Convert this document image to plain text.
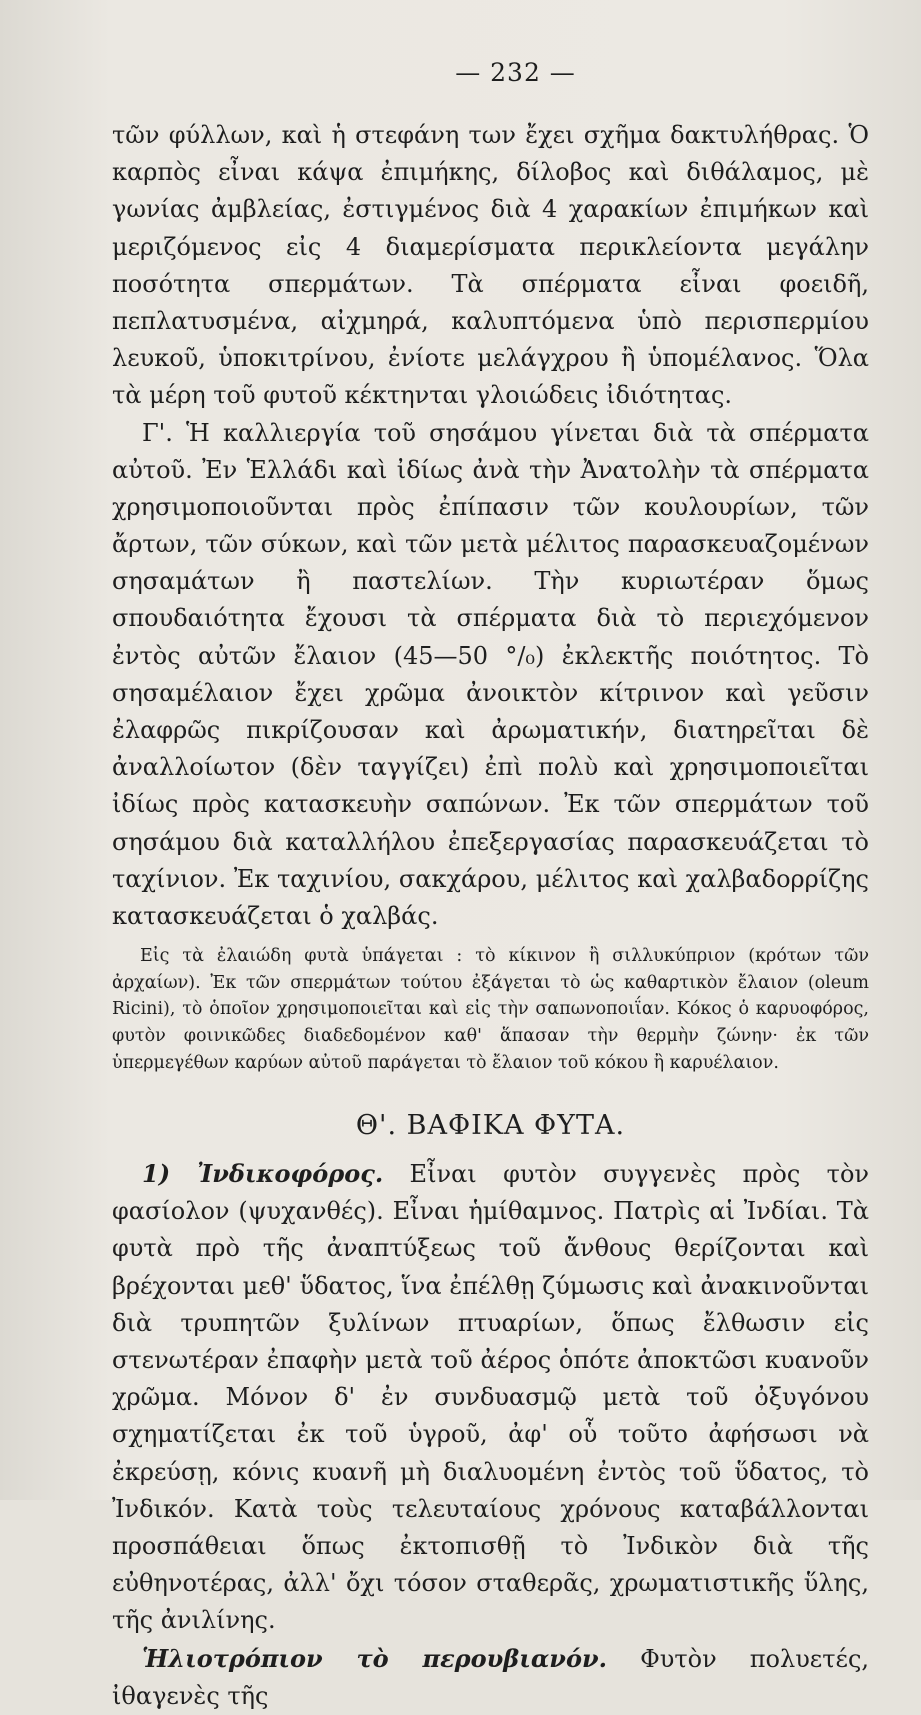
— 232 —

τῶν φύλλων, καὶ ἡ στεφάνη των ἔχει σχῆμα δακτυλήθρας. Ὁ καρπὸς εἶναι κάψα ἐπιμήκης, δίλοβος καὶ διθάλαμος, μὲ γωνίας ἀμβλείας, ἐστιγμένος διὰ 4 χαρακίων ἐπιμήκων καὶ μεριζόμενος εἰς 4 διαμερίσματα περικλείοντα μεγάλην ποσότητα σπερμάτων. Τὰ σπέρματα εἶναι φοειδῆ, πεπλατυσμένα, αἰχμηρά, καλυπτόμενα ὑπὸ περισπερμίου λευκοῦ, ὑποκιτρίνου, ἐνίοτε μελάγχρου ἢ ὑπομέλανος. Ὅλα τὰ μέρη τοῦ φυτοῦ κέκτηνται γλοιώδεις ἰδιότητας.

Γ'. Ἡ καλλιεργία τοῦ σησάμου γίνεται διὰ τὰ σπέρματα αὐτοῦ. Ἐν Ἑλλάδι καὶ ἰδίως ἀνὰ τὴν Ἀνατολὴν τὰ σπέρματα χρησιμοποιοῦνται πρὸς ἐπίπασιν τῶν κουλουρίων, τῶν ἄρτων, τῶν σύκων, καὶ τῶν μετὰ μέλιτος παρασκευαζομένων σησαμάτων ἢ παστελίων. Τὴν κυριωτέραν ὅμως σπουδαιότητα ἔχουσι τὰ σπέρματα διὰ τὸ περιεχόμενον ἐντὸς αὐτῶν ἔλαιον (45—50 °/₀) ἐκλεκτῆς ποιότητος. Τὸ σησαμέλαιον ἔχει χρῶμα ἀνοικτὸν κίτρινον καὶ γεῦσιν ἐλαφρῶς πικρίζουσαν καὶ ἀρωματικήν, διατηρεῖται δὲ ἀναλλοίωτον (δὲν ταγγίζει) ἐπὶ πολὺ καὶ χρησιμοποιεῖται ἰδίως πρὸς κατασκευὴν σαπώνων. Ἐκ τῶν σπερμάτων τοῦ σησάμου διὰ καταλλήλου ἐπεξεργασίας παρασκευάζεται τὸ ταχίνιον. Ἐκ ταχινίου, σακχάρου, μέλιτος καὶ χαλβαδορρίζης κατασκευάζεται ὁ χαλβάς.

Εἰς τὰ ἐλαιώδη φυτὰ ὑπάγεται : τὸ κίκινον ἢ σιλλυκύπριον (κρότων τῶν ἀρχαίων). Ἐκ τῶν σπερμάτων τούτου ἐξάγεται τὸ ὡς καθαρτικὸν ἔλαιον (oleum Ricini), τὸ ὁποῖον χρησιμοποιεῖται καὶ εἰς τὴν σαπωνοποιΐαν. Κόκος ὁ καρυοφόρος, φυτὸν φοινικῶδες διαδεδομένον καθ' ἅπασαν τὴν θερμὴν ζώνην· ἐκ τῶν ὑπερμεγέθων καρύων αὐτοῦ παράγεται τὸ ἔλαιον τοῦ κόκου ἢ καρυέλαιον.

Θ'. ΒΑΦΙΚΑ ΦΥΤΑ.

1) Ἰνδικοφόρος. Εἶναι φυτὸν συγγενὲς πρὸς τὸν φασίολον (ψυχανθές). Εἶναι ἡμίθαμνος. Πατρὶς αἱ Ἰνδίαι. Τὰ φυτὰ πρὸ τῆς ἀναπτύξεως τοῦ ἄνθους θερίζονται καὶ βρέχονται μεθ' ὕδατος, ἵνα ἐπέλθῃ ζύμωσις καὶ ἀνακινοῦνται διὰ τρυπητῶν ξυλίνων πτυαρίων, ὅπως ἔλθωσιν εἰς στενωτέραν ἐπαφὴν μετὰ τοῦ ἀέρος ὁπότε ἀποκτῶσι κυανοῦν χρῶμα. Μόνον δ' ἐν συνδυασμῷ μετὰ τοῦ ὀξυγόνου σχηματίζεται ἐκ τοῦ ὑγροῦ, ἀφ' οὗ τοῦτο ἀφήσωσι νὰ ἐκρεύσῃ, κόνις κυανῆ μὴ διαλυομένη ἐντὸς τοῦ ὕδατος, τὸ Ἰνδικόν. Κατὰ τοὺς τελευταίους χρόνους καταβάλλονται προσπάθειαι ὅπως ἐκτοπισθῇ τὸ Ἰνδικὸν διὰ τῆς εὐθηνοτέρας, ἀλλ' ὄχι τόσον σταθερᾶς, χρωματιστικῆς ὕλης, τῆς ἀνιλίνης.

Ἡλιοτρόπιον τὸ περουβιανόν. Φυτὸν πολυετές, ἰθαγενὲς τῆς
